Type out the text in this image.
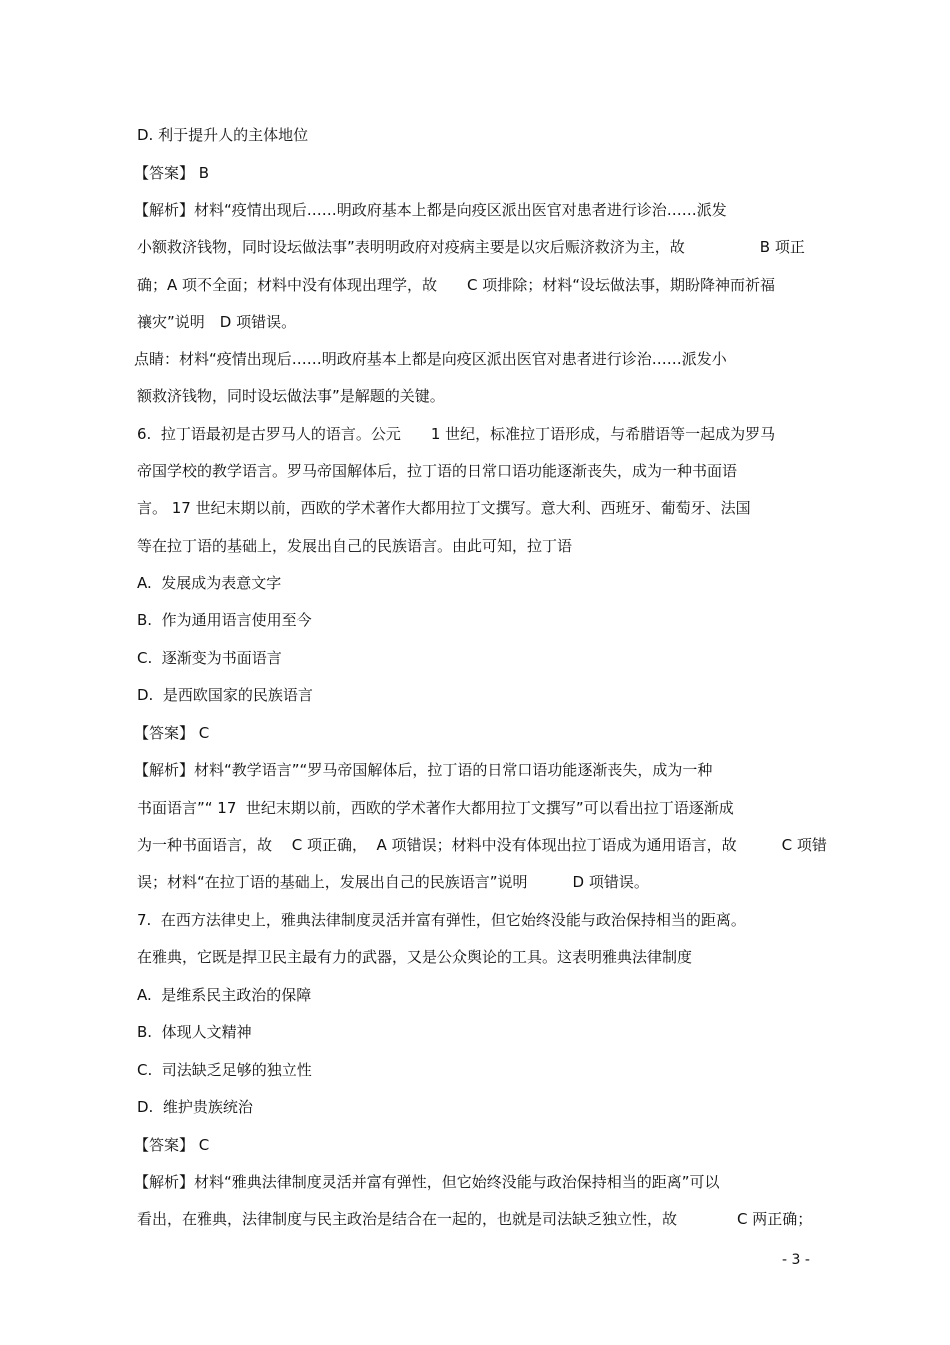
D. 利于提升人的主体地位
【答案】 B
【解析】材料“疫情出现后……明政府基本上都是向疫区派出医官对患者进行诊治……派发
小额救济钱物，同时设坛做法事”表明明政府对疫病主要是以灾后赈济救济为主，故　　　　　B 项正
确；A 项不全面；材料中没有体现出理学，故　　C 项排除；材料“设坛做法事，期盼降神而祈福
禳灾”说明　D 项错误。
点睛：材料“疫情出现后……明政府基本上都是向疫区派出医官对患者进行诊治……派发小
额救济钱物，同时设坛做法事”是解题的关键。
6.  拉丁语最初是古罗马人的语言。公元　　1 世纪，标准拉丁语形成，与希腊语等一起成为罗马
帝国学校的教学语言。罗马帝国解体后，拉丁语的日常口语功能逐渐丧失，成为一种书面语
言。 17 世纪末期以前，西欧的学术著作大都用拉丁文撰写。意大利、西班牙、葡萄牙、法国
等在拉丁语的基础上，发展出自己的民族语言。由此可知，拉丁语
A.  发展成为表意文字
B.  作为通用语言使用至今
C.  逐渐变为书面语言
D.  是西欧国家的民族语言
【答案】 C
【解析】材料“教学语言”“罗马帝国解体后，拉丁语的日常口语功能逐渐丧失，成为一种
书面语言”“ 17  世纪末期以前，西欧的学术著作大都用拉丁文撰写”可以看出拉丁语逐渐成
为一种书面语言，故　 C 项正确，  A 项错误；材料中没有体现出拉丁语成为通用语言，故　　　C 项错
误；材料“在拉丁语的基础上，发展出自己的民族语言”说明　　　D 项错误。
7.  在西方法律史上，雅典法律制度灵活并富有弹性，但它始终没能与政治保持相当的距离。
在雅典，它既是捍卫民主最有力的武器，又是公众舆论的工具。这表明雅典法律制度
A.  是维系民主政治的保障
B.  体现人文精神
C.  司法缺乏足够的独立性
D.  维护贵族统治
【答案】 C
【解析】材料“雅典法律制度灵活并富有弹性，但它始终没能与政治保持相当的距离”可以
看出，在雅典，法律制度与民主政治是结合在一起的，也就是司法缺乏独立性，故　　　　C 两正确；
- 3 -
